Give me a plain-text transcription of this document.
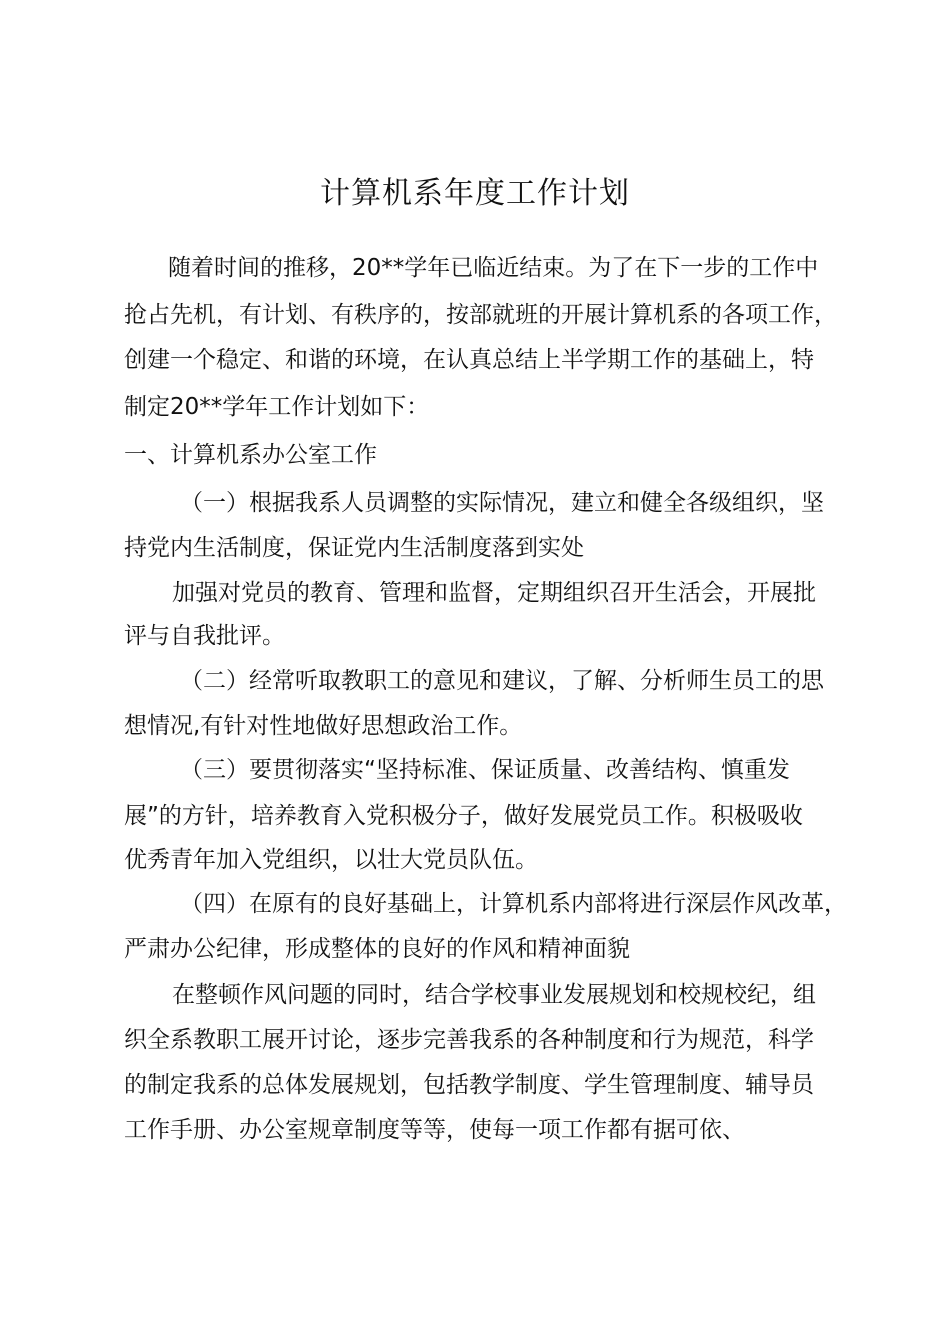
计算机系年度工作计划
随着时间的推移，20**学年已临近结束。为了在下一步的工作中
抢占先机，有计划、有秩序的，按部就班的开展计算机系的各项工作，
创建一个稳定、和谐的环境，在认真总结上半学期工作的基础上，特
制定20**学年工作计划如下：
一、计算机系办公室工作
（一）根据我系人员调整的实际情况，建立和健全各级组织，坚
持党内生活制度，保证党内生活制度落到实处
加强对党员的教育、管理和监督，定期组织召开生活会，开展批
评与自我批评。
（二）经常听取教职工的意见和建议，了解、分析师生员工的思
想情况,有针对性地做好思想政治工作。
（三）要贯彻落实“坚持标准、保证质量、改善结构、慎重发
展”的方针，培养教育入党积极分子，做好发展党员工作。积极吸收
优秀青年加入党组织，以壮大党员队伍。
（四）在原有的良好基础上，计算机系内部将进行深层作风改革，
严肃办公纪律，形成整体的良好的作风和精神面貌
在整顿作风问题的同时，结合学校事业发展规划和校规校纪，组
织全系教职工展开讨论，逐步完善我系的各种制度和行为规范，科学
的制定我系的总体发展规划，包括教学制度、学生管理制度、辅导员
工作手册、办公室规章制度等等，使每一项工作都有据可依、
